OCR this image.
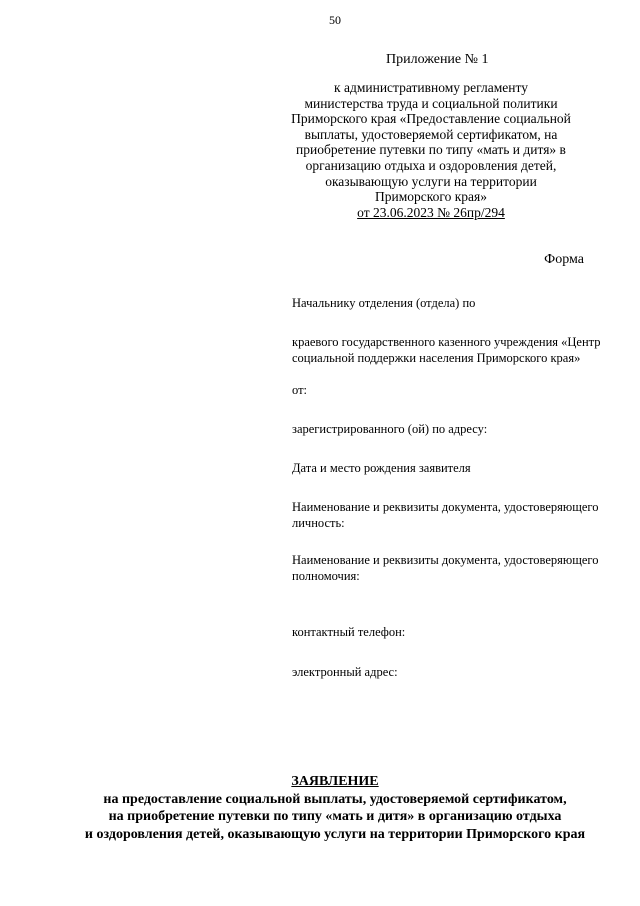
50
Приложение № 1
к административному регламенту
министерства труда и социальной политики
Приморского края «Предоставление социальной
выплаты, удостоверяемой сертификатом, на
приобретение путевки по типу «мать и дитя» в
организацию отдыха и оздоровления детей,
оказывающую услуги на территории
Приморского края»
от 23.06.2023 № 26пр/294
Форма
Начальнику отделения (отдела) по
краевого государственного казенного учреждения «Центр
социальной поддержки населения Приморского края»
от:
зарегистрированного (ой) по адресу:
Дата и место рождения заявителя
Наименование и реквизиты документа, удостоверяющего
личность:
Наименование и реквизиты документа, удостоверяющего
полномочия:
контактный телефон:
электронный адрес:
ЗАЯВЛЕНИЕ
на предоставление социальной выплаты, удостоверяемой сертификатом,
на приобретение путевки по типу «мать и дитя» в организацию отдыха
и оздоровления детей, оказывающую услуги на территории Приморского края
